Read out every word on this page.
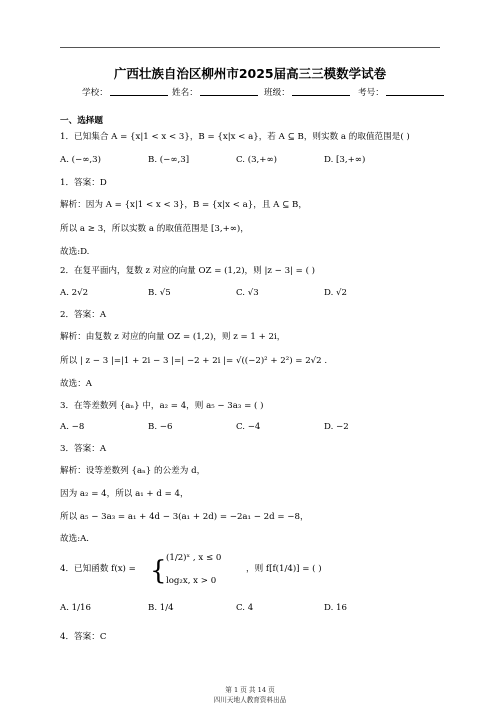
广西壮族自治区柳州市2025届高三三模数学试卷
学校：	姓名：	班级：	考号：
一、选择题
1．已知集合 A = {x|1 < x < 3}，B = {x|x < a}，若 A ⊆ B，则实数 a 的取值范围是( )
A. (−∞,3)	B. (−∞,3]	C. (3,+∞)	D. [3,+∞)
1．答案：D
解析：因为 A = {x|1 < x < 3}，B = {x|x < a}，且 A ⊆ B，
所以 a ≥ 3，所以实数 a 的取值范围是 [3,+∞)，
故选:D.
2．在复平面内，复数 z 对应的向量 OZ = (1,2)，则 |z − 3| = ( )
A. 2√2	B. √5	C. √3	D. √2
2．答案：A
解析：由复数 z 对应的向量 OZ = (1,2)，则 z = 1 + 2i，
所以 | z − 3 |=|1 + 2i − 3 |=| −2 + 2i |= √((−2)² + 2²) = 2√2 .
故选：A
3．在等差数列 {aₙ} 中，a₂ = 4，则 a₅ − 3a₃ = ( )
A. −8	B. −6	C. −4	D. −2
3．答案：A
解析：设等差数列 {aₙ} 的公差为 d，
因为 a₂ = 4，所以 a₁ + d = 4，
所以 a₅ − 3a₃ = a₁ + 4d − 3(a₁ + 2d) = −2a₁ − 2d = −8，
故选:A.
4．已知函数 f(x) = { (1/2)ˣ , x ≤ 0
log₂x, x > 0
，则 f[f(1/4)] = ( )
A. 1/16	B. 1/4	C. 4	D. 16
4．答案：C
第 1 页 共 14 页
四川天地人教育资料出品
